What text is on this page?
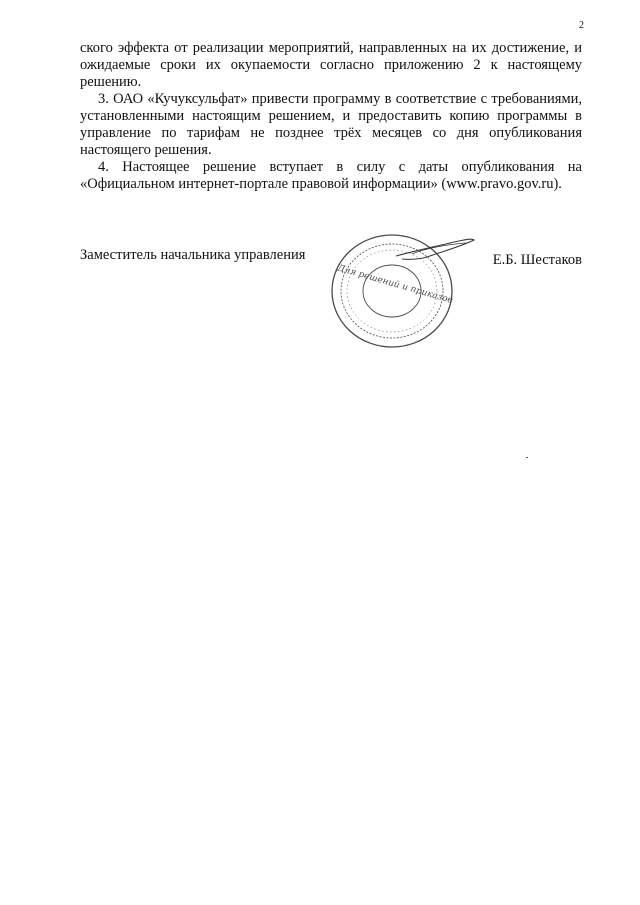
2

ского эффекта от реализации мероприятий, направленных на их достижение, и ожидаемые сроки их окупаемости согласно приложению 2 к настоящему решению.

3. ОАО «Кучуксульфат» привести программу в соответствие с требованиями, установленными настоящим решением, и предоставить копию программы в управление по тарифам не позднее трёх месяцев со дня опубликования настоящего решения.

4. Настоящее решение вступает в силу с даты опубликования на «Официальном интернет-портале правовой информации» (www.pravo.gov.ru).

Заместитель начальника управления	Е.Б. Шестаков
Для решений и приказов
